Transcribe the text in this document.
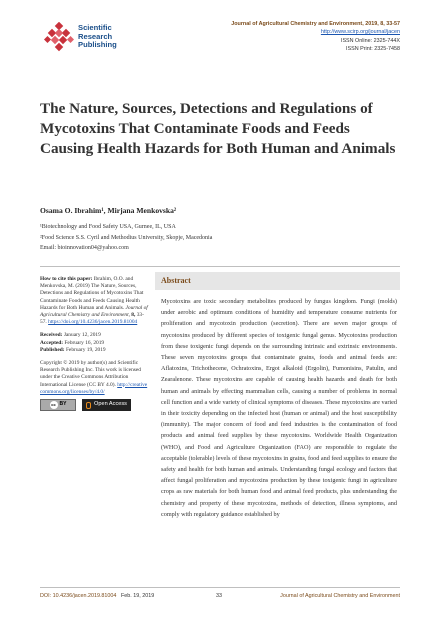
Scientific
Research
Publishing
Journal of Agricultural Chemistry and Environment, 2019, 8, 33-57
http://www.scirp.org/journal/jacen
ISSN Online: 2325-744X
ISSN Print: 2325-7458
The Nature, Sources, Detections and Regulations of Mycotoxins That Contaminate Foods and Feeds Causing Health Hazards for Both Human and Animals
Osama O. Ibrahim¹, Mirjana Menkovska²
¹Biotechnology and Food Safety USA, Gurnee, IL, USA
²Food Science S.S. Cyril and Methodius University, Skopje, Macedonia
Email: bioinnovation04@yahoo.com
How to cite this paper: Ibrahim, O.O. and Menkovska, M. (2019) The Nature, Sources, Detections and Regulations of Mycotoxins That Contaminate Foods and Feeds Causing Health Hazards for Both Human and Animals. Journal of Agricultural Chemistry and Environment, 8, 33-57. https://doi.org/10.4236/jacen.2019.81004
Received: January 12, 2019
Accepted: February 16, 2019
Published: February 19, 2019
Copyright © 2019 by author(s) and Scientific Research Publishing Inc. This work is licensed under the Creative Commons Attribution International License (CC BY 4.0). http://creativecommons.org/licenses/by/4.0/
cc BY	Open Access
Abstract

Mycotoxins are toxic secondary metabolites produced by fungus kingdom. Fungi (molds) under aerobic and optimum conditions of humidity and temperature consume nutrients for proliferation and mycotoxin production (secretion). There are seven major groups of mycotoxins produced by different species of toxigenic fungal genus. Mycotoxins production from these toxigenic fungi depends on the surrounding intrinsic and extrinsic environments. These seven mycotoxins groups that contaminate grains, foods and animal feeds are: Aflatoxins, Trichothecene, Ochratoxins, Ergot alkaloid (Ergolin), Fumonisins, Patulin, and Zearalenone. These mycotoxins are capable of causing health hazards and death for both human and animals by effecting mammalian cells, causing a number of problems in normal cell function and a wide variety of clinical symptoms of diseases. These mycotoxins are varied in their toxicity depending on the infected host (human or animal) and the host susceptibility (immunity). The major concern of food and feed industries is the contamination of food products and animal feed supplies by these mycotoxins. Worldwide Health Organization (WHO), and Food and Agriculture Organization (FAO) are responsible to regulate the acceptable (tolerable) levels of these mycotoxins in grains, food and feed supplies to ensure the safety and health for both human and animals. Understanding fungal ecology and factors that affect fungal proliferation and mycotoxins production by these toxigenic fungi in agriculture crops as raw materials for both human food and animal feed products, plus understanding the chemistry and property of these mycotoxins, methods of detection, illness symptoms, and comply with regulatory guidance established by

DOI: 10.4236/jacen.2019.81004 Feb. 19, 2019	33	Journal of Agricultural Chemistry and Environment
